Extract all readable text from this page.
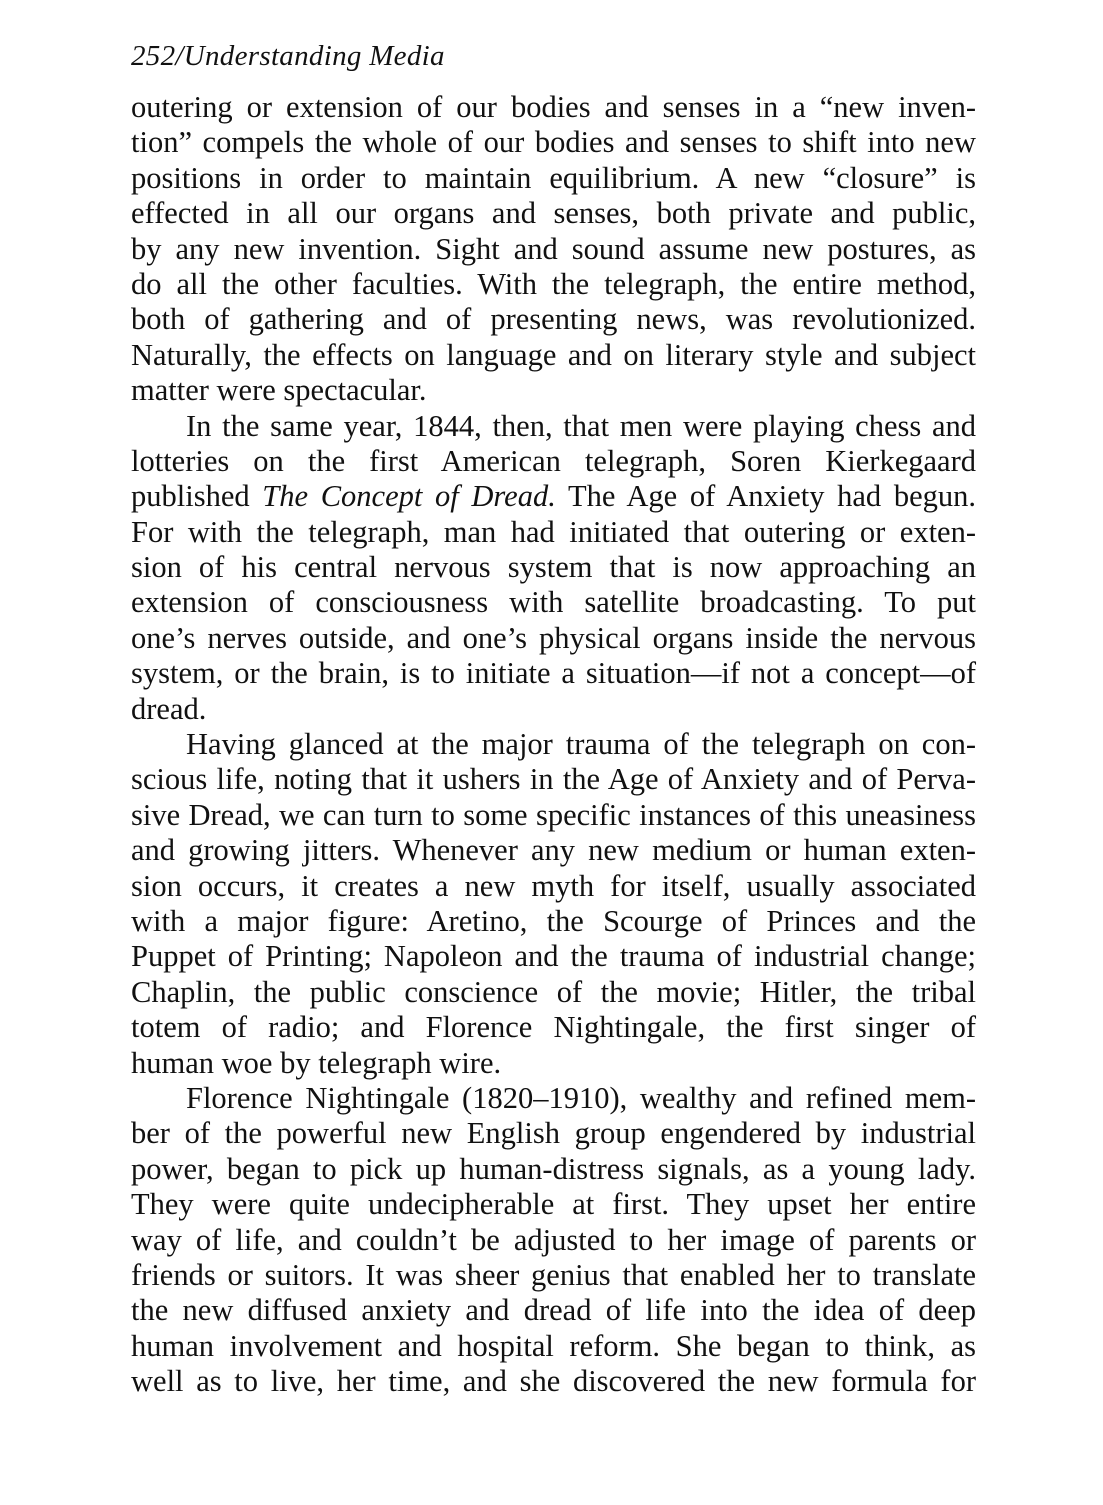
252/Understanding Media
outering or extension of our bodies and senses in a “new inven-
tion” compels the whole of our bodies and senses to shift into new
positions in order to maintain equilibrium. A new “closure” is
effected in all our organs and senses, both private and public,
by any new invention. Sight and sound assume new postures, as
do all the other faculties. With the telegraph, the entire method,
both of gathering and of presenting news, was revolutionized.
Naturally, the effects on language and on literary style and subject
matter were spectacular.
In the same year, 1844, then, that men were playing chess and
lotteries on the first American telegraph, Soren Kierkegaard
published The Concept of Dread. The Age of Anxiety had begun.
For with the telegraph, man had initiated that outering or exten-
sion of his central nervous system that is now approaching an
extension of consciousness with satellite broadcasting. To put
one’s nerves outside, and one’s physical organs inside the nervous
system, or the brain, is to initiate a situation—if not a concept—of
dread.
Having glanced at the major trauma of the telegraph on con-
scious life, noting that it ushers in the Age of Anxiety and of Perva-
sive Dread, we can turn to some specific instances of this uneasiness
and growing jitters. Whenever any new medium or human exten-
sion occurs, it creates a new myth for itself, usually associated
with a major figure: Aretino, the Scourge of Princes and the
Puppet of Printing; Napoleon and the trauma of industrial change;
Chaplin, the public conscience of the movie; Hitler, the tribal
totem of radio; and Florence Nightingale, the first singer of
human woe by telegraph wire.
Florence Nightingale (1820–1910), wealthy and refined mem-
ber of the powerful new English group engendered by industrial
power, began to pick up human-distress signals, as a young lady.
They were quite undecipherable at first. They upset her entire
way of life, and couldn’t be adjusted to her image of parents or
friends or suitors. It was sheer genius that enabled her to translate
the new diffused anxiety and dread of life into the idea of deep
human involvement and hospital reform. She began to think, as
well as to live, her time, and she discovered the new formula for
